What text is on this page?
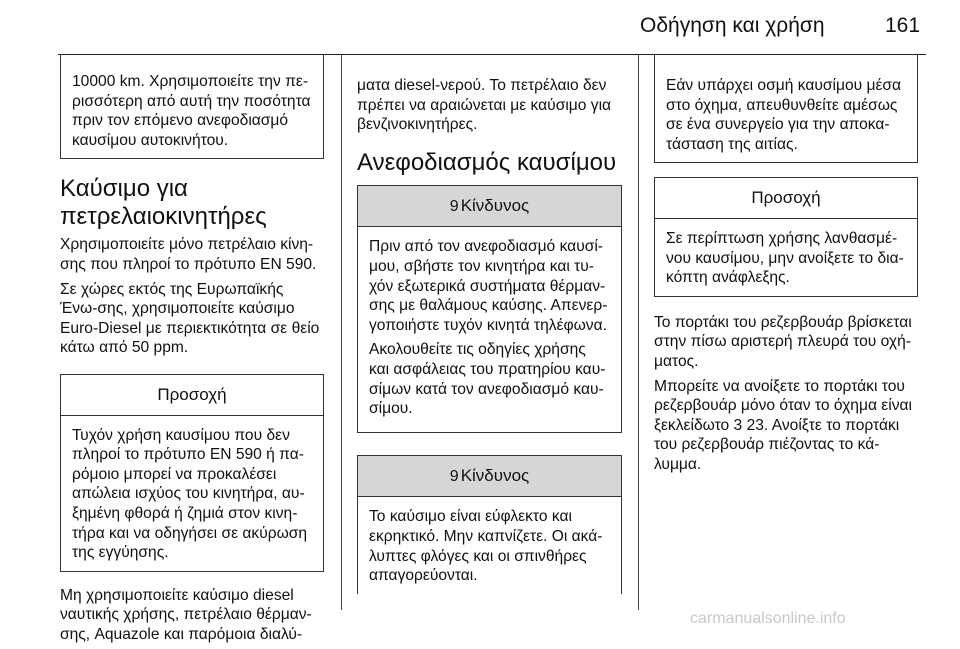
Οδήγηση και χρήση	161
10000 km. Χρησιμοποιείτε την πε-ρισσότερη από αυτή την ποσότητα πριν τον επόμενο ανεφοδιασμό καυσίμου αυτοκινήτου.
Καύσιμο για πετρελαιοκινητήρες

Χρησιμοποιείτε μόνο πετρέλαιο κίνη-σης που πληροί το πρότυπο EN 590.

Σε χώρες εκτός της Ευρωπαϊκής Ένω-σης, χρησιμοποιείτε καύσιμο Euro-Diesel με περιεκτικότητα σε θείο κάτω από 50 ppm.

Προσοχή
Τυχόν χρήση καυσίμου που δεν πληροί το πρότυπο EN 590 ή πα-ρόμοιο μπορεί να προκαλέσει απώλεια ισχύος του κινητήρα, αυ-ξημένη φθορά ή ζημιά στον κινη-τήρα και να οδηγήσει σε ακύρωση της εγγύησης.

Μη χρησιμοποιείτε καύσιμο diesel ναυτικής χρήσης, πετρέλαιο θέρμαν-σης, Aquazole και παρόμοια διαλύ-

ματα diesel-νερού. Το πετρέλαιο δεν πρέπει να αραιώνεται με καύσιμο για βενζινοκινητήρες.

Ανεφοδιασμός καυσίμου
9 Κίνδυνος

Πριν από τον ανεφοδιασμό καυσί-μου, σβήστε τον κινητήρα και τυ-χόν εξωτερικά συστήματα θέρμαν-σης με θαλάμους καύσης. Απενερ-γοποιήστε τυχόν κινητά τηλέφωνα.

Ακολουθείτε τις οδηγίες χρήσης και ασφάλειας του πρατηρίου καυ-σίμων κατά τον ανεφοδιασμό καυ-σίμου.

9 Κίνδυνος
Το καύσιμο είναι εύφλεκτο και εκρηκτικό. Μην καπνίζετε. Οι ακά-λυπτες φλόγες και οι σπινθήρες απαγορεύονται.
Εάν υπάρχει οσμή καυσίμου μέσα στο όχημα, απευθυνθείτε αμέσως σε ένα συνεργείο για την αποκα-τάσταση της αιτίας.
Προσοχή
Σε περίπτωση χρήσης λανθασμέ-νου καυσίμου, μην ανοίξετε το δια-κόπτη ανάφλεξης.

Το πορτάκι του ρεζερβουάρ βρίσκεται στην πίσω αριστερή πλευρά του οχή-ματος.

Μπορείτε να ανοίξετε το πορτάκι του ρεζερβουάρ μόνο όταν το όχημα είναι ξεκλείδωτο 3 23. Ανοίξτε το πορτάκι του ρεζερβουάρ πιέζοντας το κά-λυμμα.

carmanualsonline.info
